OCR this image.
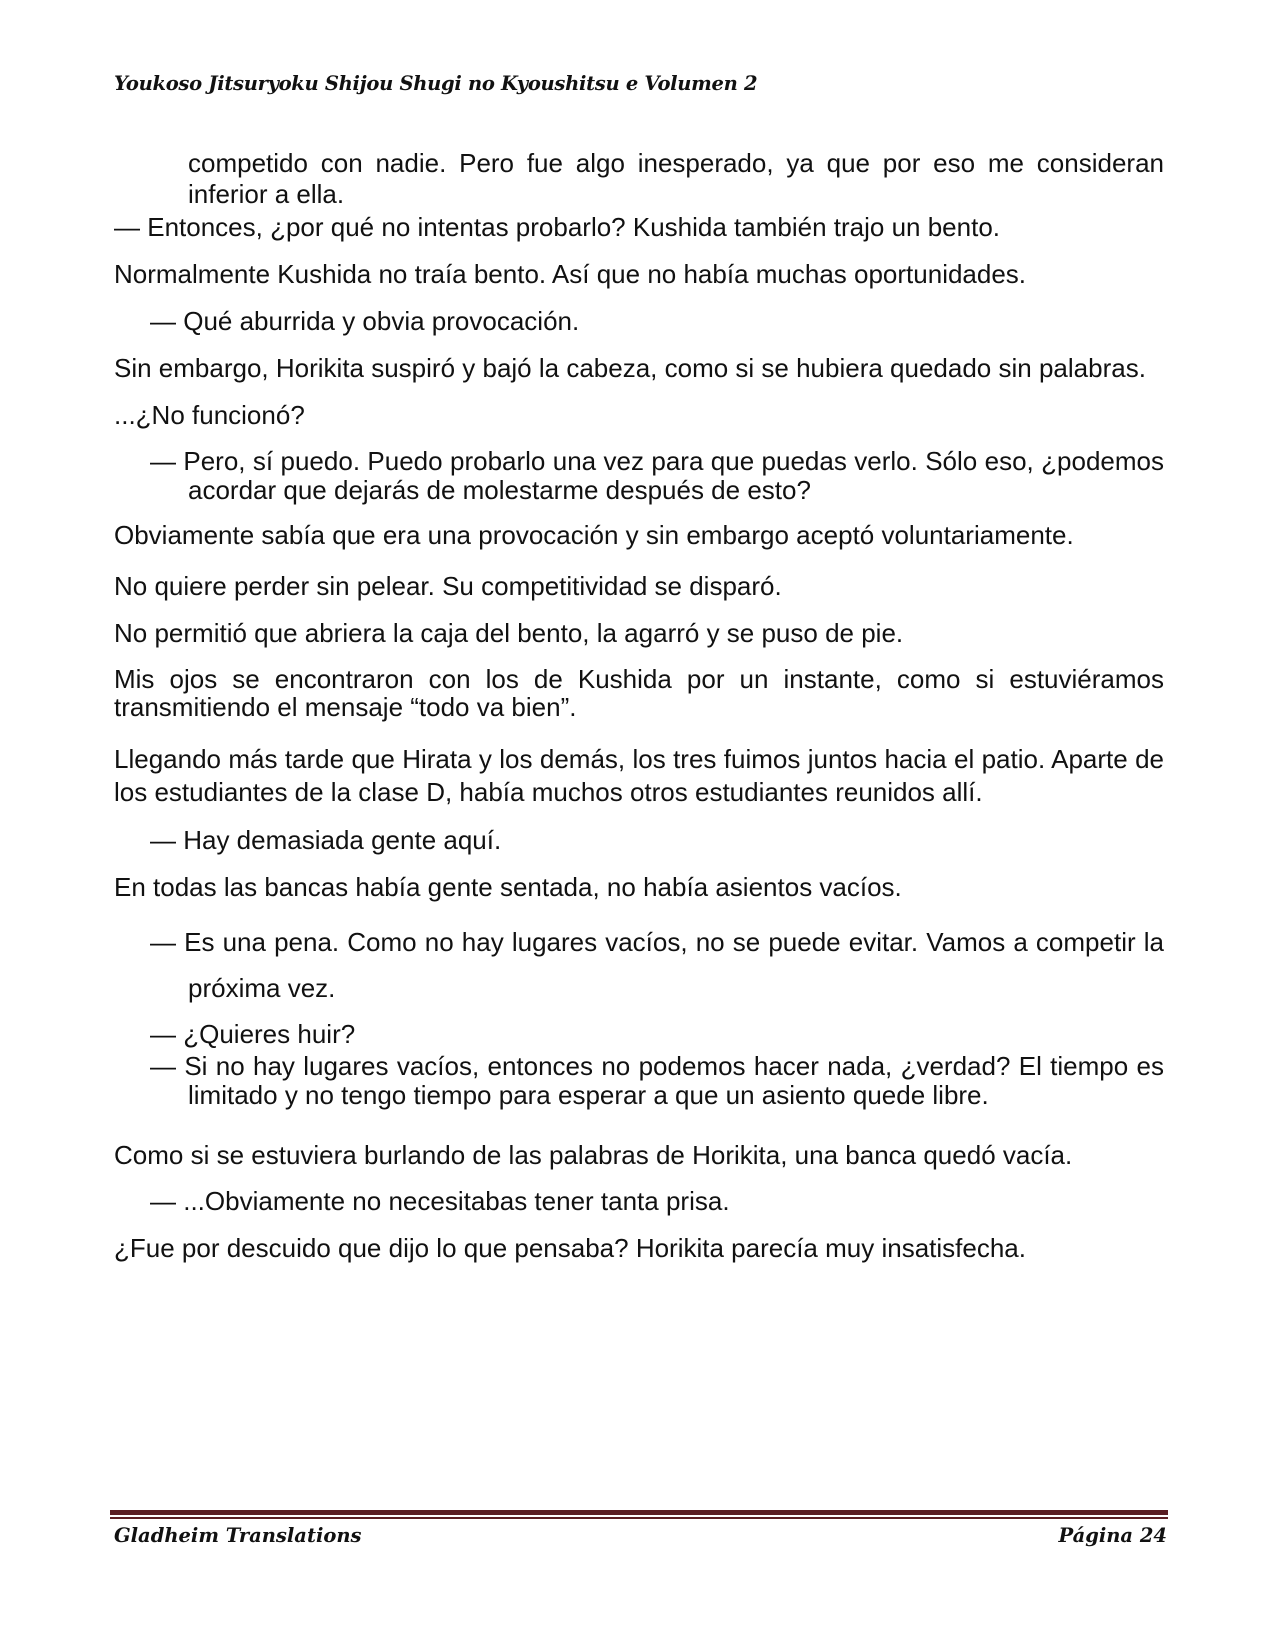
Youkoso Jitsuryoku Shijou Shugi no Kyoushitsu e Volumen 2

competido con nadie. Pero fue algo inesperado, ya que por eso me consideran inferior a ella.

— Entonces, ¿por qué no intentas probarlo? Kushida también trajo un bento.

Normalmente Kushida no traía bento. Así que no había muchas oportunidades.

— Qué aburrida y obvia provocación.

Sin embargo, Horikita suspiró y bajó la cabeza, como si se hubiera quedado sin palabras.

...¿No funcionó?

— Pero, sí puedo. Puedo probarlo una vez para que puedas verlo. Sólo eso, ¿podemos acordar que dejarás de molestarme después de esto?

Obviamente sabía que era una provocación y sin embargo aceptó voluntariamente.

No quiere perder sin pelear. Su competitividad se disparó.

No permitió que abriera la caja del bento, la agarró y se puso de pie.

Mis ojos se encontraron con los de Kushida por un instante, como si estuviéramos transmitiendo el mensaje “todo va bien”.

Llegando más tarde que Hirata y los demás, los tres fuimos juntos hacia el patio. Aparte de los estudiantes de la clase D, había muchos otros estudiantes reunidos allí.

— Hay demasiada gente aquí.

En todas las bancas había gente sentada, no había asientos vacíos.

— Es una pena. Como no hay lugares vacíos, no se puede evitar. Vamos a competir la próxima vez.

— ¿Quieres huir?

— Si no hay lugares vacíos, entonces no podemos hacer nada, ¿verdad? El tiempo es limitado y no tengo tiempo para esperar a que un asiento quede libre.

Como si se estuviera burlando de las palabras de Horikita, una banca quedó vacía.

— ...Obviamente no necesitabas tener tanta prisa.

¿Fue por descuido que dijo lo que pensaba? Horikita parecía muy insatisfecha.

Gladheim Translations	Página 24
